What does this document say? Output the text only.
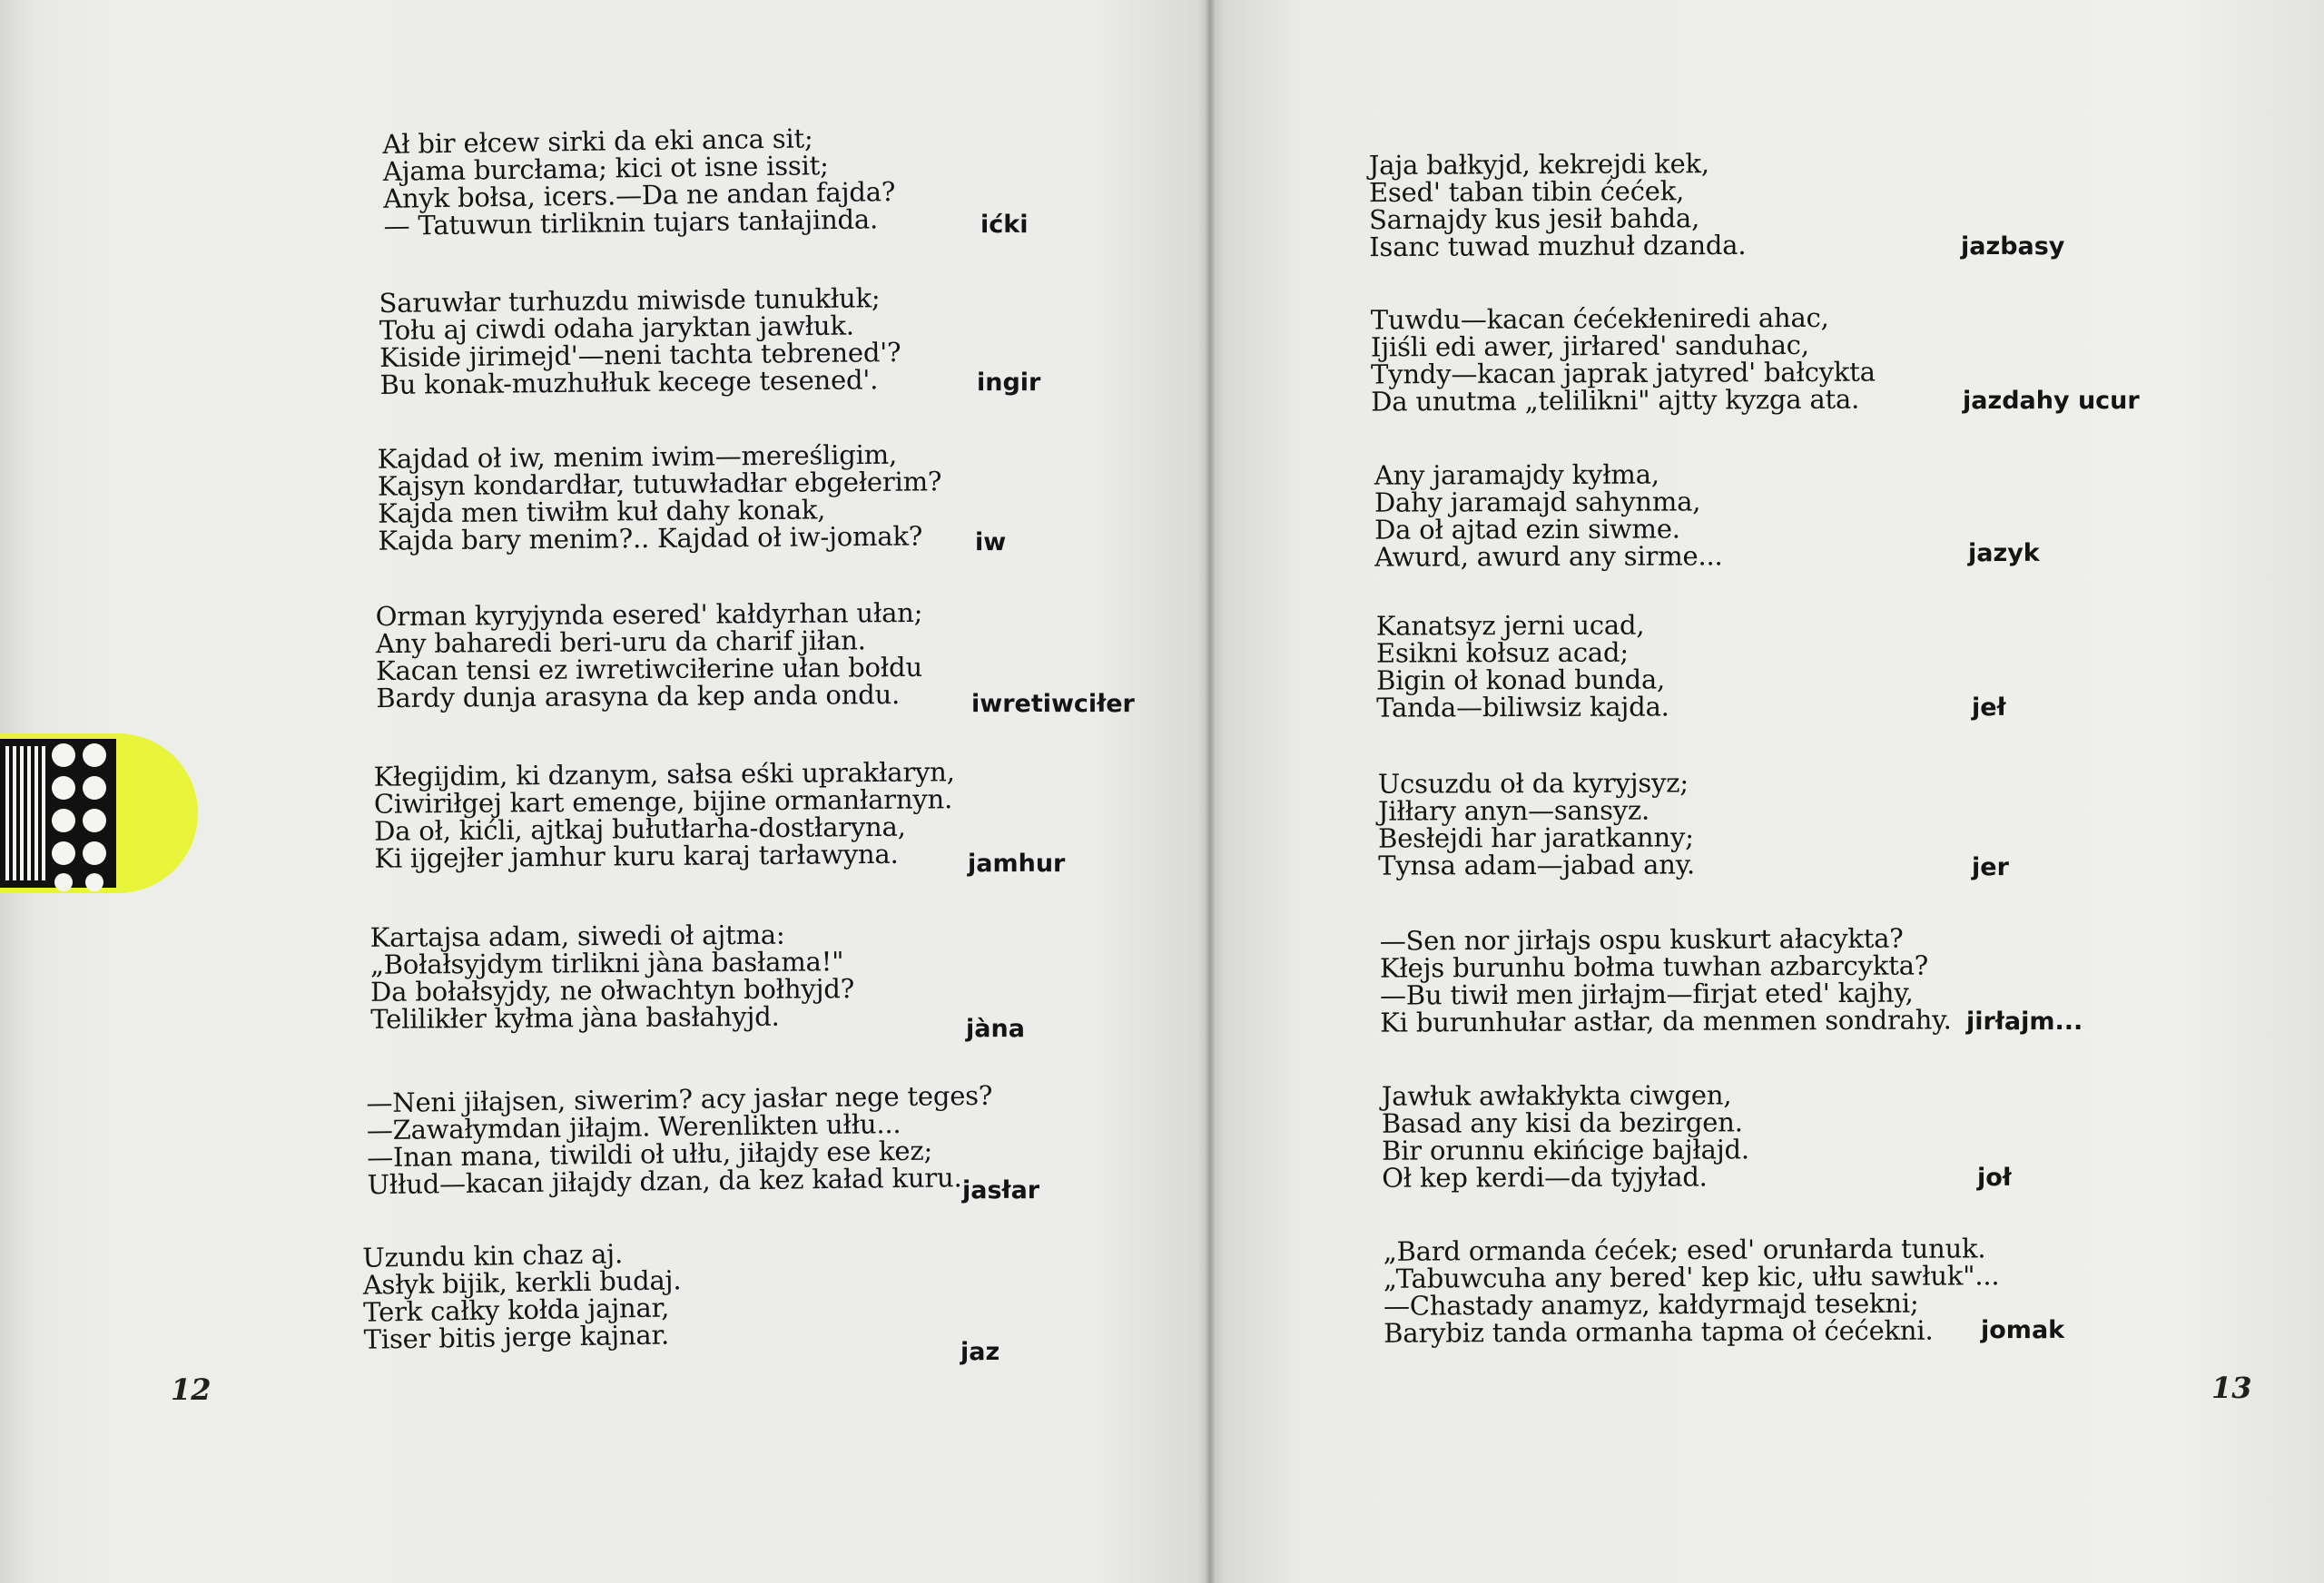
Ał bir ełcew sirki da eki anca sit;
Ajama burcłama; kici ot isne issit;
Anyk bołsa, icers.—Da ne andan fajda?
— Tatuwun tirliknin tujars tanłajinda.	ićki
Saruwłar turhuzdu miwisde tunukłuk;
Tołu aj ciwdi odaha jaryktan jawłuk.
Kiside jirimejd'—neni tachta tebrened'?
Bu konak-muzhułłuk kecege tesened'.	ingir
Kajdad oł iw, menim iwim—mereśligim,
Kajsyn kondardłar, tutuwładłar ebgełerim?
Kajda men tiwiłm kuł dahy konak,
Kajda bary menim?.. Kajdad oł iw-jomak?	iw
Orman kyryjynda esered' kałdyrhan ułan;
Any baharedi beri-uru da charif jiłan.
Kacan tensi ez iwretiwciłerine ułan bołdu
Bardy dunja arasyna da kep anda ondu.	iwretiwciłer
Kłegijdim, ki dzanym, sałsa eśki uprakłaryn,
Ciwiriłgej kart emenge, bijine ormanłarnyn.
Da oł, kićli, ajtkaj bułutłarha-dostłaryna,
Ki ijgejłer jamhur kuru karaj tarławyna.	jamhur
Kartajsa adam, siwedi oł ajtma:
„Bołałsyjdym tirlikni jàna basłama!"
Da bołałsyjdy, ne ołwachtyn bołhyjd?
Telilikłer kyłma jàna basłahyjd.	jàna
—Neni jiłajsen, siwerim? acy jasłar nege teges?
—Zawałymdan jiłajm. Werenlikten ułłu...
—Inan mana, tiwildi oł ułłu, jiłajdy ese kez;
Ułłud—kacan jiłajdy dzan, da kez kaład kuru. jasłar
Uzundu kin chaz aj.
Asłyk bijik, kerkli budaj.
Terk całky kołda jajnar,
Tiser bitis jerge kajnar.	jaz
12
Jaja bałkyjd, kekrejdi kek,
Esed' taban tibin ćećek,
Sarnajdy kus jesił bahda,
Isanc tuwad muzhuł dzanda.	jazbasy
Tuwdu—kacan ćećekłeniredi ahac,
Ijiśli edi awer, jirłared' sanduhac,
Tyndy—kacan japrak jatyred' bałcykta
Da unutma „telilikni" ajtty kyzga ata.	jazdahy ucur
Any jaramajdy kyłma,
Dahy jaramajd sahynma,
Da oł ajtad ezin siwme.
Awurd, awurd any sirme...	jazyk
Kanatsyz jerni ucad,
Esikni kołsuz acad;
Bigin oł konad bunda,
Tanda—biliwsiz kajda.	jeł
Ucsuzdu oł da kyryjsyz;
Jiłłary anyn—sansyz.
Besłejdi har jaratkanny;
Tynsa adam—jabad any.	jer
—Sen nor jirłajs ospu kuskurt ałacykta?
Kłejs burunhu bołma tuwhan azbarcykta?
—Bu tiwił men jirłajm—firjat eted' kajhy,
Ki burunhułar astłar, da menmen sondrahy. jirłajm...
Jawłuk awłakłykta ciwgen,
Basad any kisi da bezirgen.
Bir orunnu ekińcige bajłajd.
Oł kep kerdi—da tyjyład.	joł
„Bard ormanda ćećek; esed' orunłarda tunuk.
„Tabuwcuha any bered' kep kic, ułłu sawłuk"...
—Chastady anamyz, kałdyrmajd tesekni;
Barybiz tanda ormanha tapma oł ćećekni.	jomak
13
